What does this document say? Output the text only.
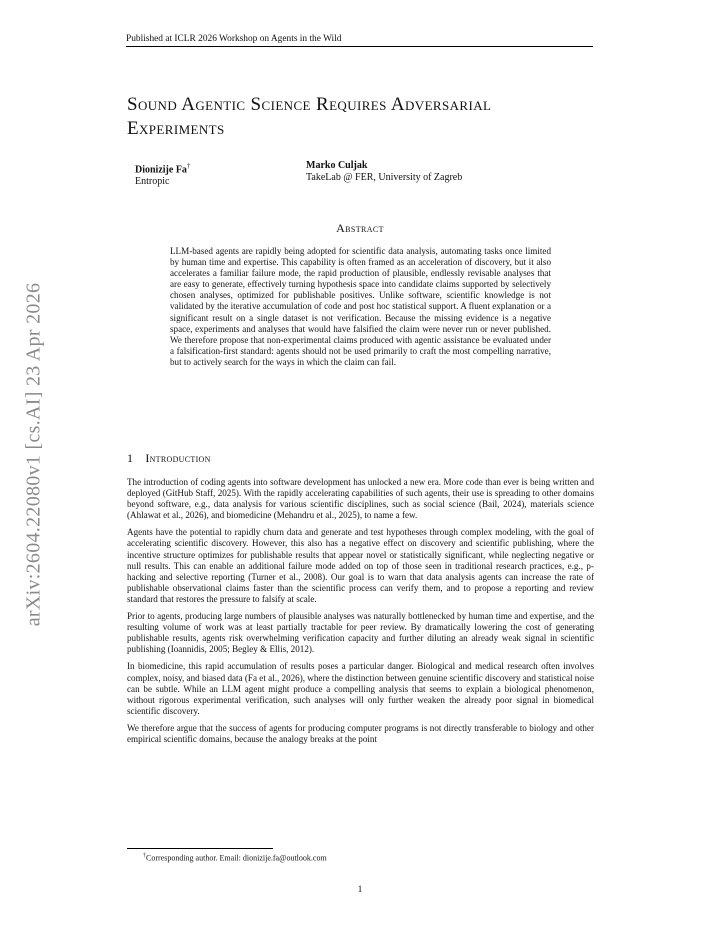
Published at ICLR 2026 Workshop on Agents in the Wild
arXiv:2604.22080v1 [cs.AI] 23 Apr 2026
Sound Agentic Science Requires Adversarial
Experiments
Dionizije Fa†
Entropic
Marko Culjak
TakeLab @ FER, University of Zagreb
Abstract
LLM-based agents are rapidly being adopted for scientific data analysis, automating tasks once limited by human time and expertise. This capability is often framed as an acceleration of discovery, but it also accelerates a familiar failure mode, the rapid production of plausible, endlessly revisable analyses that are easy to generate, effectively turning hypothesis space into candidate claims supported by selectively chosen analyses, optimized for publishable positives. Unlike software, scientific knowledge is not validated by the iterative accumulation of code and post hoc statistical support. A fluent explanation or a significant result on a single dataset is not verification. Because the missing evidence is a negative space, experiments and analyses that would have falsified the claim were never run or never published. We therefore propose that non-experimental claims produced with agentic assistance be evaluated under a falsification-first standard: agents should not be used primarily to craft the most compelling narrative, but to actively search for the ways in which the claim can fail.
1 Introduction

The introduction of coding agents into software development has unlocked a new era. More code than ever is being written and deployed (GitHub Staff, 2025). With the rapidly accelerating capabilities of such agents, their use is spreading to other domains beyond software, e.g., data analysis for various scientific disciplines, such as social science (Bail, 2024), materials science (Ahlawat et al., 2026), and biomedicine (Mehandru et al., 2025), to name a few.

Agents have the potential to rapidly churn data and generate and test hypotheses through complex modeling, with the goal of accelerating scientific discovery. However, this also has a negative effect on discovery and scientific publishing, where the incentive structure optimizes for publishable results that appear novel or statistically significant, while neglecting negative or null results. This can enable an additional failure mode added on top of those seen in traditional research practices, e.g., p-hacking and selective reporting (Turner et al., 2008). Our goal is to warn that data analysis agents can increase the rate of publishable observational claims faster than the scientific process can verify them, and to propose a reporting and review standard that restores the pressure to falsify at scale.

Prior to agents, producing large numbers of plausible analyses was naturally bottlenecked by human time and expertise, and the resulting volume of work was at least partially tractable for peer review. By dramatically lowering the cost of generating publishable results, agents risk overwhelming verification capacity and further diluting an already weak signal in scientific publishing (Ioannidis, 2005; Begley & Ellis, 2012).

In biomedicine, this rapid accumulation of results poses a particular danger. Biological and medical research often involves complex, noisy, and biased data (Fa et al., 2026), where the distinction between genuine scientific discovery and statistical noise can be subtle. While an LLM agent might produce a compelling analysis that seems to explain a biological phenomenon, without rigorous experimental verification, such analyses will only further weaken the already poor signal in biomedical scientific discovery.

We therefore argue that the success of agents for producing computer programs is not directly transferable to biology and other empirical scientific domains, because the analogy breaks at the point

†Corresponding author. Email: dionizije.fa@outlook.com
1
